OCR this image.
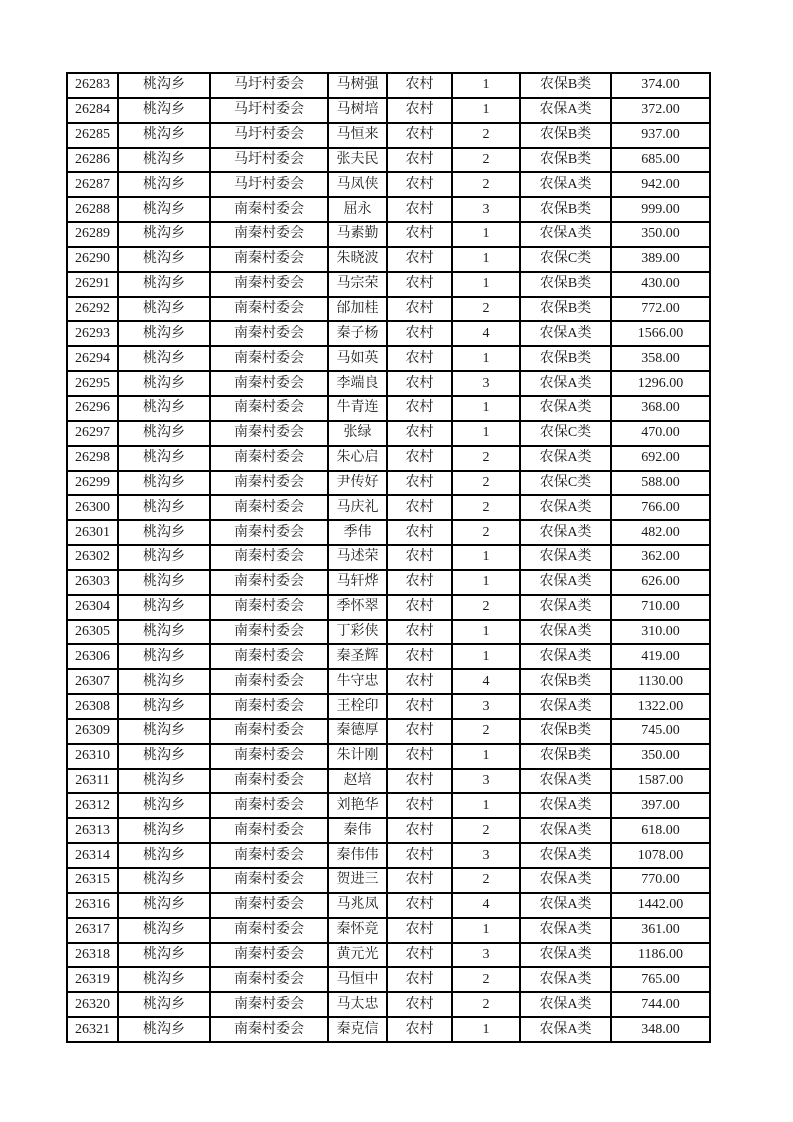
26283	桃沟乡	马圩村委会	马树强	农村	1	农保B类	374.00
26284	桃沟乡	马圩村委会	马树培	农村	1	农保A类	372.00
26285	桃沟乡	马圩村委会	马恒来	农村	2	农保B类	937.00
26286	桃沟乡	马圩村委会	张夫民	农村	2	农保B类	685.00
26287	桃沟乡	马圩村委会	马凤侠	农村	2	农保A类	942.00
26288	桃沟乡	南秦村委会	屈永	农村	3	农保B类	999.00
26289	桃沟乡	南秦村委会	马素勤	农村	1	农保A类	350.00
26290	桃沟乡	南秦村委会	朱晓波	农村	1	农保C类	389.00
26291	桃沟乡	南秦村委会	马宗荣	农村	1	农保B类	430.00
26292	桃沟乡	南秦村委会	邰加桂	农村	2	农保B类	772.00
26293	桃沟乡	南秦村委会	秦子杨	农村	4	农保A类	1566.00
26294	桃沟乡	南秦村委会	马如英	农村	1	农保B类	358.00
26295	桃沟乡	南秦村委会	李端良	农村	3	农保A类	1296.00
26296	桃沟乡	南秦村委会	牛青连	农村	1	农保A类	368.00
26297	桃沟乡	南秦村委会	张绿	农村	1	农保C类	470.00
26298	桃沟乡	南秦村委会	朱心启	农村	2	农保A类	692.00
26299	桃沟乡	南秦村委会	尹传好	农村	2	农保C类	588.00
26300	桃沟乡	南秦村委会	马庆礼	农村	2	农保A类	766.00
26301	桃沟乡	南秦村委会	季伟	农村	2	农保A类	482.00
26302	桃沟乡	南秦村委会	马述荣	农村	1	农保A类	362.00
26303	桃沟乡	南秦村委会	马轩烨	农村	1	农保A类	626.00
26304	桃沟乡	南秦村委会	季怀翠	农村	2	农保A类	710.00
26305	桃沟乡	南秦村委会	丁彩侠	农村	1	农保A类	310.00
26306	桃沟乡	南秦村委会	秦圣辉	农村	1	农保A类	419.00
26307	桃沟乡	南秦村委会	牛守忠	农村	4	农保B类	1130.00
26308	桃沟乡	南秦村委会	王栓印	农村	3	农保A类	1322.00
26309	桃沟乡	南秦村委会	秦德厚	农村	2	农保B类	745.00
26310	桃沟乡	南秦村委会	朱计刚	农村	1	农保B类	350.00
26311	桃沟乡	南秦村委会	赵培	农村	3	农保A类	1587.00
26312	桃沟乡	南秦村委会	刘艳华	农村	1	农保A类	397.00
26313	桃沟乡	南秦村委会	秦伟	农村	2	农保A类	618.00
26314	桃沟乡	南秦村委会	秦伟伟	农村	3	农保A类	1078.00
26315	桃沟乡	南秦村委会	贺进三	农村	2	农保A类	770.00
26316	桃沟乡	南秦村委会	马兆凤	农村	4	农保A类	1442.00
26317	桃沟乡	南秦村委会	秦怀竞	农村	1	农保A类	361.00
26318	桃沟乡	南秦村委会	黄元光	农村	3	农保A类	1186.00
26319	桃沟乡	南秦村委会	马恒中	农村	2	农保A类	765.00
26320	桃沟乡	南秦村委会	马太忠	农村	2	农保A类	744.00
26321	桃沟乡	南秦村委会	秦克信	农村	1	农保A类	348.00
